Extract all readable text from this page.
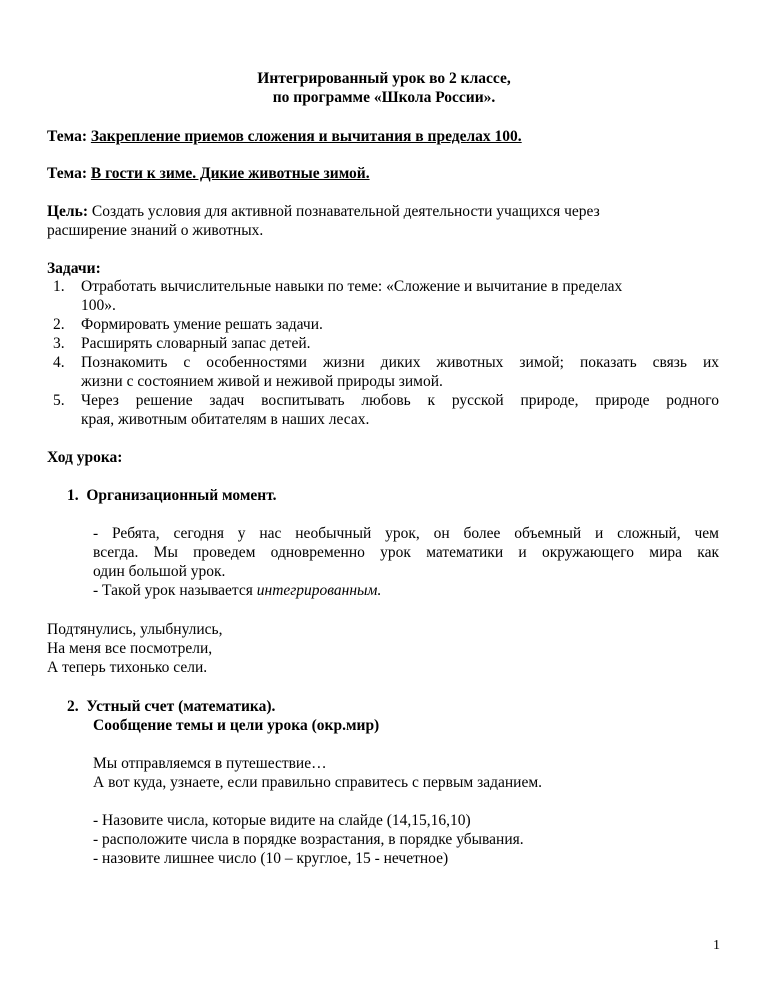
Интегрированный урок во 2 классе,

по программе «Школа России».

Тема: Закрепление приемов сложения и вычитания в пределах 100.

Тема: В гости к зиме. Дикие животные зимой.

Цель: Создать условия для активной познавательной деятельности учащихся через

расширение знаний о животных.

Задачи:

1.	Отработать вычислительные навыки по теме: «Сложение и вычитание в пределах
100».
2.	Формировать умение решать задачи.
3.	Расширять словарный запас детей.
4.	Познакомить с особенностями жизни диких животных зимой; показать связь их
жизни с состоянием живой и неживой природы зимой.
5.	Через решение задач воспитывать любовь к русской природе, природе родного
края, животным обитателям в наших лесах.

Ход урока:

1. Организационный момент.

- Ребята, сегодня у нас необычный урок, он более объемный и сложный, чем

всегда. Мы проведем одновременно урок математики и окружающего мира как

один большой урок.

- Такой урок называется интегрированным.

Подтянулись, улыбнулись,

На меня все посмотрели,

А теперь тихонько сели.

2. Устный счет (математика).

Сообщение темы и цели урока (окр.мир)

Мы отправляемся в путешествие…

А вот куда, узнаете, если правильно справитесь с первым заданием.

- Назовите числа, которые видите на слайде (14,15,16,10)

- расположите числа в порядке возрастания, в порядке убывания.

- назовите лишнее число (10 – круглое, 15 - нечетное)

1
